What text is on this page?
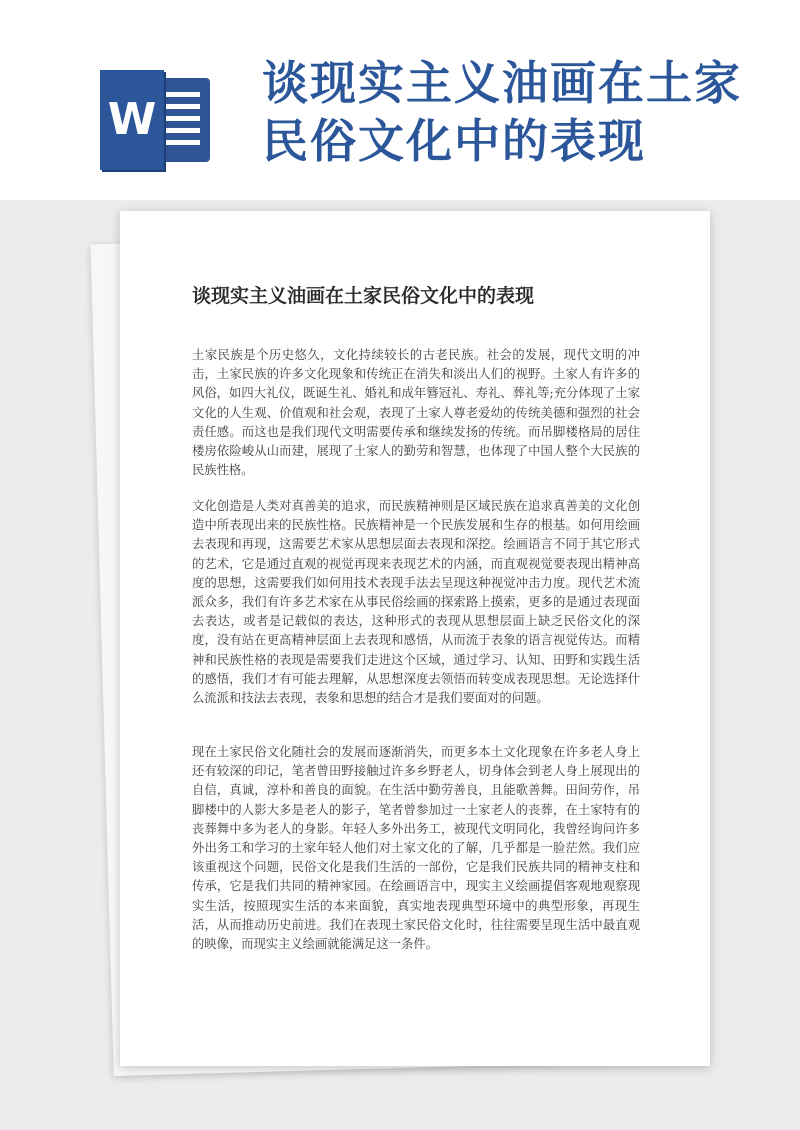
W
谈现实主义油画在土家
民俗文化中的表现
谈现实主义油画在土家民俗文化中的表现

土家民族是个历史悠久，文化持续较长的古老民族。社会的发展，现代文明的冲击，土家民族的许多文化现象和传统正在消失和淡出人们的视野。土家人有许多的风俗，如四大礼仪，既诞生礼、婚礼和成年簪冠礼、寿礼、葬礼等;充分体现了土家文化的人生观、价值观和社会观，表现了土家人尊老爱幼的传统美德和强烈的社会责任感。而这也是我们现代文明需要传承和继续发扬的传统。而吊脚楼格局的居住楼房依险峻从山而建，展现了土家人的勤劳和智慧，也体现了中国人整个大民族的民族性格。

文化创造是人类对真善美的追求，而民族精神则是区域民族在追求真善美的文化创造中所表现出来的民族性格。民族精神是一个民族发展和生存的根基。如何用绘画去表现和再现，这需要艺术家从思想层面去表现和深挖。绘画语言不同于其它形式的艺术，它是通过直观的视觉再现来表现艺术的内涵，而直观视觉要表现出精神高度的思想，这需要我们如何用技术表现手法去呈现这种视觉冲击力度。现代艺术流派众多，我们有许多艺术家在从事民俗绘画的探索路上摸索，更多的是通过表现面去表达，或者是记载似的表达，这种形式的表现从思想层面上缺乏民俗文化的深度，没有站在更高精神层面上去表现和感悟，从而流于表象的语言视觉传达。而精神和民族性格的表现是需要我们走进这个区域，通过学习、认知、田野和实践生活的感悟，我们才有可能去理解，从思想深度去领悟而转变成表现思想。无论选择什么流派和技法去表现，表象和思想的结合才是我们要面对的问题。

现在土家民俗文化随社会的发展而逐渐消失，而更多本土文化现象在许多老人身上还有较深的印记，笔者曾田野接触过许多乡野老人，切身体会到老人身上展现出的自信，真诚，淳朴和善良的面貌。在生活中勤劳善良，且能歌善舞。田间劳作，吊脚楼中的人影大多是老人的影子，笔者曾参加过一土家老人的丧葬，在土家特有的丧葬舞中多为老人的身影。年轻人多外出务工，被现代文明同化，我曾经询问许多外出务工和学习的土家年轻人他们对土家文化的了解，几乎都是一脸茫然。我们应该重视这个问题，民俗文化是我们生活的一部份，它是我们民族共同的精神支柱和传承，它是我们共同的精神家园。在绘画语言中，现实主义绘画提倡客观地观察现实生活，按照现实生活的本来面貌，真实地表现典型环境中的典型形象，再现生活，从而推动历史前进。我们在表现土家民俗文化时，往往需要呈现生活中最直观的映像，而现实主义绘画就能满足这一条件。
